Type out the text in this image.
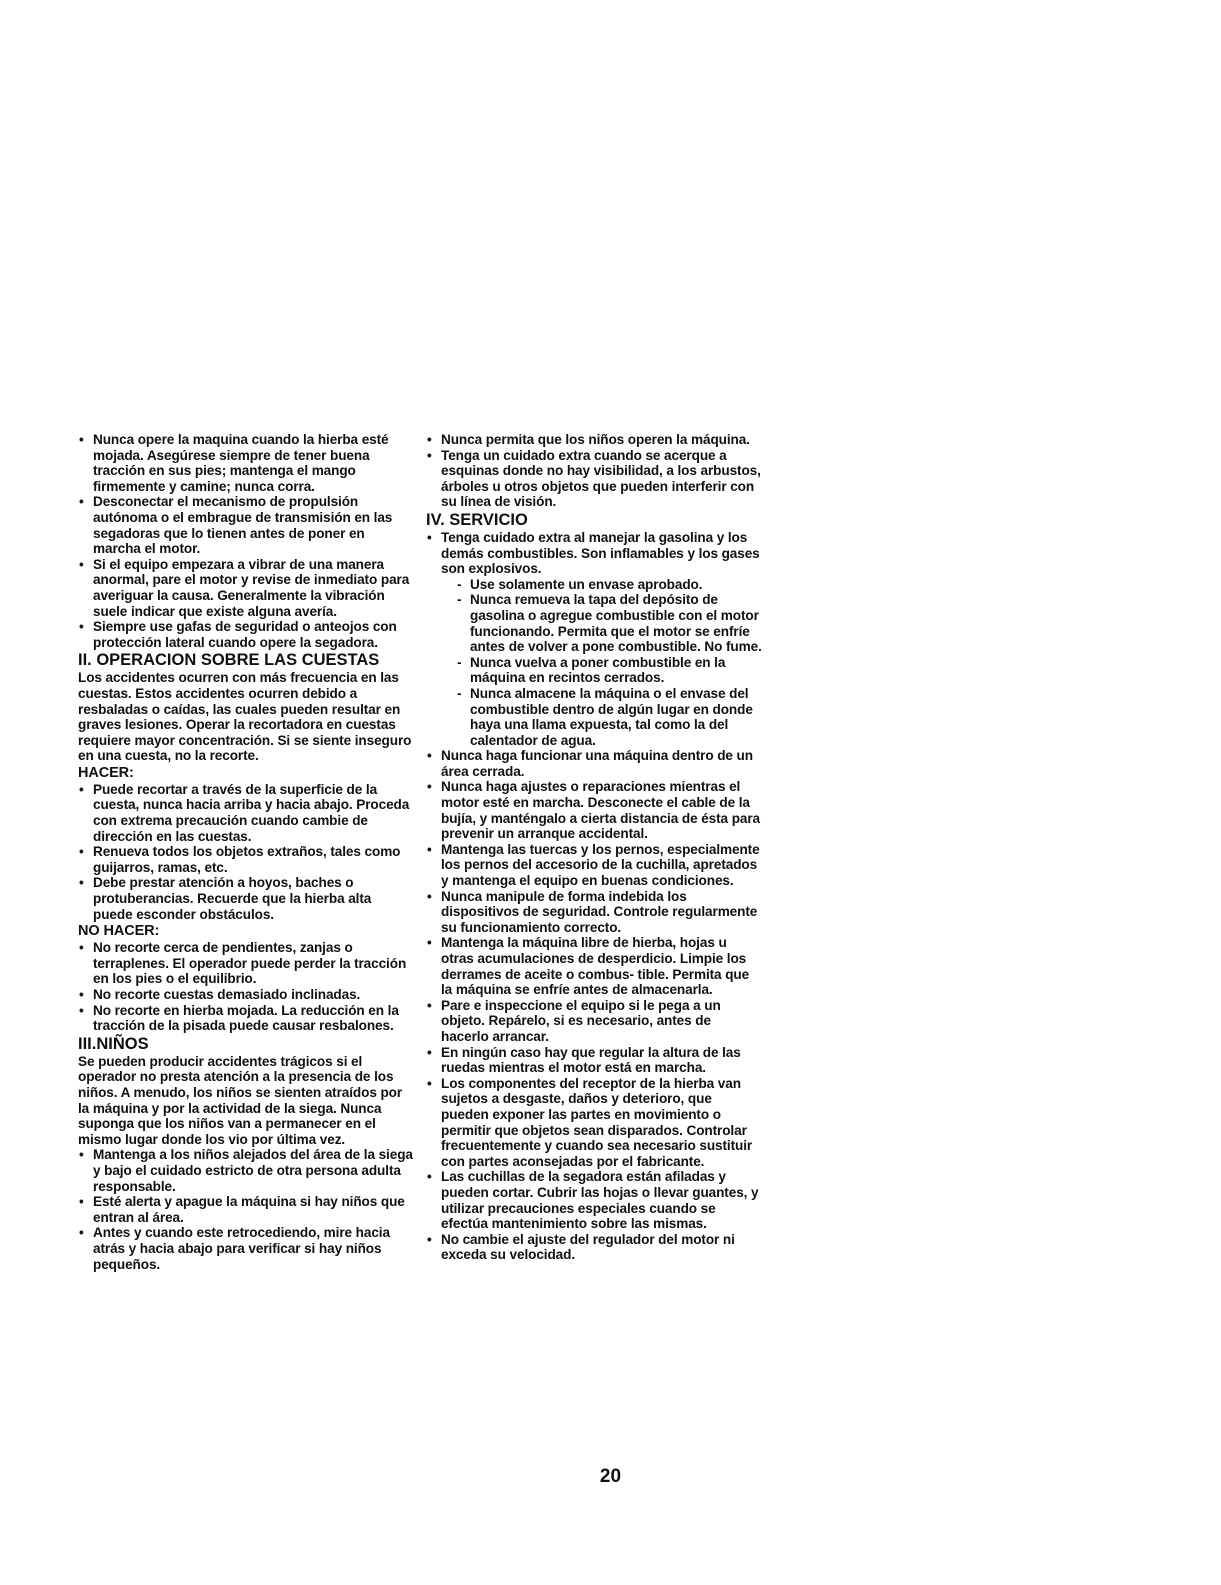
• Nunca opere la maquina cuando la hierba esté mojada. Asegúrese siempre de tener buena tracción en sus pies; mantenga el mango firmemente y camine; nunca corra.
• Desconectar el mecanismo de propulsión autónoma o el embrague de transmisión en las segadoras que lo tienen antes de poner en marcha el motor.
• Si el equipo empezara a vibrar de una manera anormal, pare el motor y revise de inmediato para averiguar la causa. Generalmente la vibración suele indicar que existe alguna avería.
• Siempre use gafas de seguridad o anteojos con protección lateral cuando opere la segadora.
II. OPERACION SOBRE LAS CUESTAS

Los accidentes ocurren con más frecuencia en las cuestas. Estos accidentes ocurren debido a resbaladas o caídas, las cuales pueden resultar en graves lesiones. Operar la recortadora en cuestas requiere mayor concentración. Si se siente inseguro en una cuesta, no la recorte.

HACER:
• Puede recortar a través de la superficie de la cuesta, nunca hacia arriba y hacia abajo. Proceda con extrema precaución cuando cambie de dirección en las cuestas.
• Renueva todos los objetos extraños, tales como guijarros, ramas, etc.
• Debe prestar atención a hoyos, baches o protuberancias. Recuerde que la hierba alta puede esconder obstáculos.
NO HACER:
• No recorte cerca de pendientes, zanjas o terraplenes. El operador puede perder la tracción en los pies o el equilibrio.
• No recorte cuestas demasiado inclinadas.
• No recorte en hierba mojada. La reducción en la tracción de la pisada puede causar resbalones.
III.NIÑOS

Se pueden producir accidentes trágicos si el operador no presta atención a la presencia de los niños. A menudo, los niños se sienten atraídos por la máquina y por la actividad de la siega. Nunca suponga que los niños van a permanecer en el mismo lugar donde los vio por última vez.

• Mantenga a los niños alejados del área de la siega y bajo el cuidado estricto de otra persona adulta responsable.
• Esté alerta y apague la máquina si hay niños que entran al área.
• Antes y cuando este retrocediendo, mire hacia atrás y hacia abajo para verificar si hay niños pequeños.
• Nunca permita que los niños operen la máquina.
• Tenga un cuidado extra cuando se acerque a esquinas donde no hay visibilidad, a los arbustos, árboles u otros objetos que pueden interferir con su línea de visión.
IV. SERVICIO
• Tenga cuidado extra al manejar la gasolina y los demás combustibles. Son inflamables y los gases son explosivos.
- Use solamente un envase aprobado.
- Nunca remueva la tapa del depósito de gasolina o agregue combustible con el motor funcionando. Permita que el motor se enfríe antes de volver a pone combustible. No fume.
- Nunca vuelva a poner combustible en la máquina en recintos cerrados.
- Nunca almacene la máquina o el envase del combustible dentro de algún lugar en donde haya una llama expuesta, tal como la del calentador de agua.
• Nunca haga funcionar una máquina dentro de un área cerrada.
• Nunca haga ajustes o reparaciones mientras el motor esté en marcha. Desconecte el cable de la bujía, y manténgalo a cierta distancia de ésta para prevenir un arranque accidental.
• Mantenga las tuercas y los pernos, especialmente los pernos del accesorio de la cuchilla, apretados y mantenga el equipo en buenas condiciones.
• Nunca manipule de forma indebida los dispositivos de seguridad. Controle regularmente su funcionamiento correcto.
• Mantenga la máquina libre de hierba, hojas u otras acumulaciones de desperdicio. Limpie los derrames de aceite o combus- tible. Permita que la máquina se enfríe antes de almacenarla.
• Pare e inspeccione el equipo si le pega a un objeto. Repárelo, si es necesario, antes de hacerlo arrancar.
• En ningún caso hay que regular la altura de las ruedas mientras el motor está en marcha.
• Los componentes del receptor de la hierba van sujetos a desgaste, daños y deterioro, que pueden exponer las partes en movimiento o permitir que objetos sean disparados. Controlar frecuentemente y cuando sea necesario sustituir con partes aconsejadas por el fabricante.
• Las cuchillas de la segadora están afiladas y pueden cortar. Cubrir las hojas o llevar guantes, y utilizar precauciones especiales cuando se efectúa mantenimiento sobre las mismas.
• No cambie el ajuste del regulador del motor ni exceda su velocidad.
20
